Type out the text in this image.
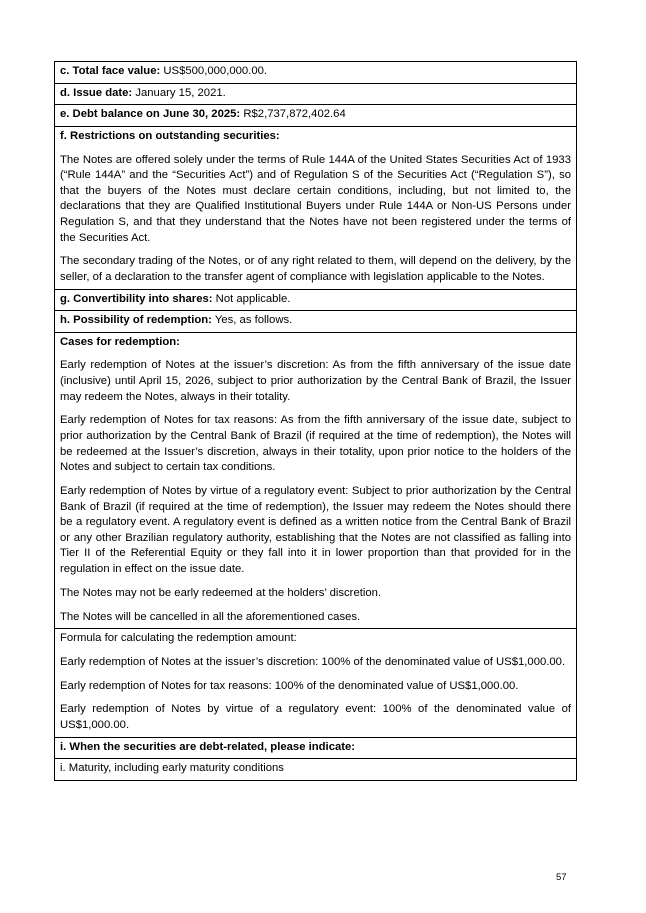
c. Total face value: US$500,000,000.00.
d. Issue date: January 15, 2021.
e. Debt balance on June 30, 2025: R$2,737,872,402.64

f. Restrictions on outstanding securities:

The Notes are offered solely under the terms of Rule 144A of the United States Securities Act of 1933 (“Rule 144A” and the “Securities Act”) and of Regulation S of the Securities Act (“Regulation S”), so that the buyers of the Notes must declare certain conditions, including, but not limited to, the declarations that they are Qualified Institutional Buyers under Rule 144A or Non-US Persons under Regulation S, and that they understand that the Notes have not been registered under the terms of the Securities Act.

The secondary trading of the Notes, or of any right related to them, will depend on the delivery, by the seller, of a declaration to the transfer agent of compliance with legislation applicable to the Notes.

g. Convertibility into shares: Not applicable.
h. Possibility of redemption: Yes, as follows.

Cases for redemption:

Early redemption of Notes at the issuer’s discretion: As from the fifth anniversary of the issue date (inclusive) until April 15, 2026, subject to prior authorization by the Central Bank of Brazil, the Issuer may redeem the Notes, always in their totality.

Early redemption of Notes for tax reasons: As from the fifth anniversary of the issue date, subject to prior authorization by the Central Bank of Brazil (if required at the time of redemption), the Notes will be redeemed at the Issuer’s discretion, always in their totality, upon prior notice to the holders of the Notes and subject to certain tax conditions.

Early redemption of Notes by virtue of a regulatory event: Subject to prior authorization by the Central Bank of Brazil (if required at the time of redemption), the Issuer may redeem the Notes should there be a regulatory event. A regulatory event is defined as a written notice from the Central Bank of Brazil or any other Brazilian regulatory authority, establishing that the Notes are not classified as falling into Tier II of the Referential Equity or they fall into it in lower proportion than that provided for in the regulation in effect on the issue date.

The Notes may not be early redeemed at the holders’ discretion.

The Notes will be cancelled in all the aforementioned cases.

Formula for calculating the redemption amount:

Early redemption of Notes at the issuer’s discretion: 100% of the denominated value of US$1,000.00.

Early redemption of Notes for tax reasons: 100% of the denominated value of US$1,000.00.

Early redemption of Notes by virtue of a regulatory event: 100% of the denominated value of US$1,000.00.

i. When the securities are debt-related, please indicate:
i. Maturity, including early maturity conditions
57
